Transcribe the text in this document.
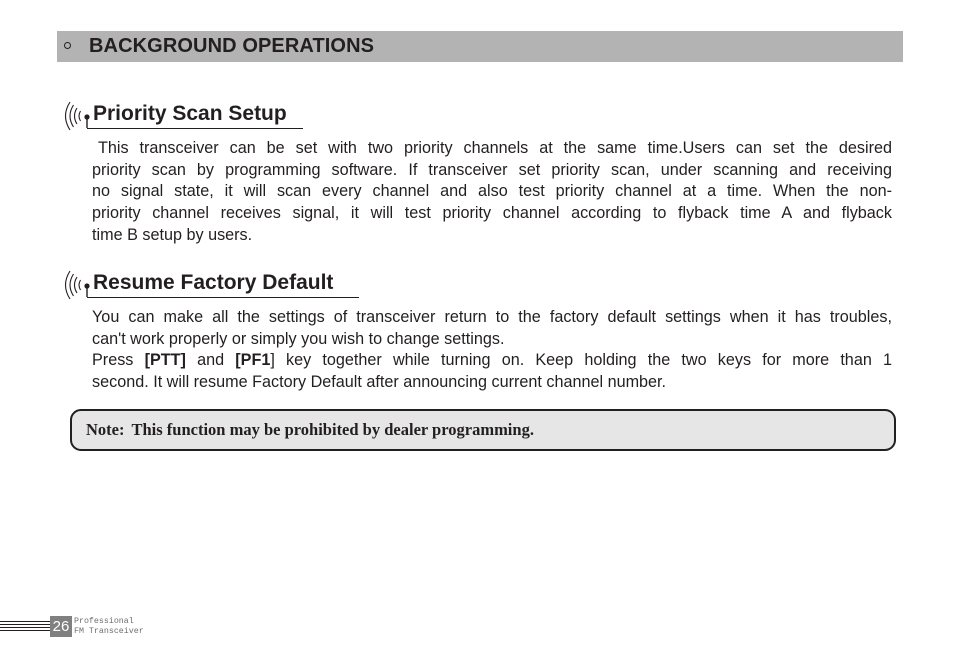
BACKGROUND OPERATIONS
Priority Scan Setup
This transceiver can be set with two priority channels at the same time.Users can set the desired
priority scan by programming software. If transceiver set priority scan, under scanning and receiving
no signal state, it will scan every channel and also test priority channel at a time. When the non-
priority channel receives signal, it will test priority channel according to flyback time A and flyback
time B setup by users.
Resume Factory Default
You can make all the settings of transceiver return to the factory default settings when it has troubles,
can't work properly or simply you wish to change settings.
Press [PTT] and [PF1] key together while turning on. Keep holding the two keys for more than 1
second. It will resume Factory Default after announcing current channel number.
Note: This function may be prohibited by dealer programming.
26 Professional
FM Transceiver
